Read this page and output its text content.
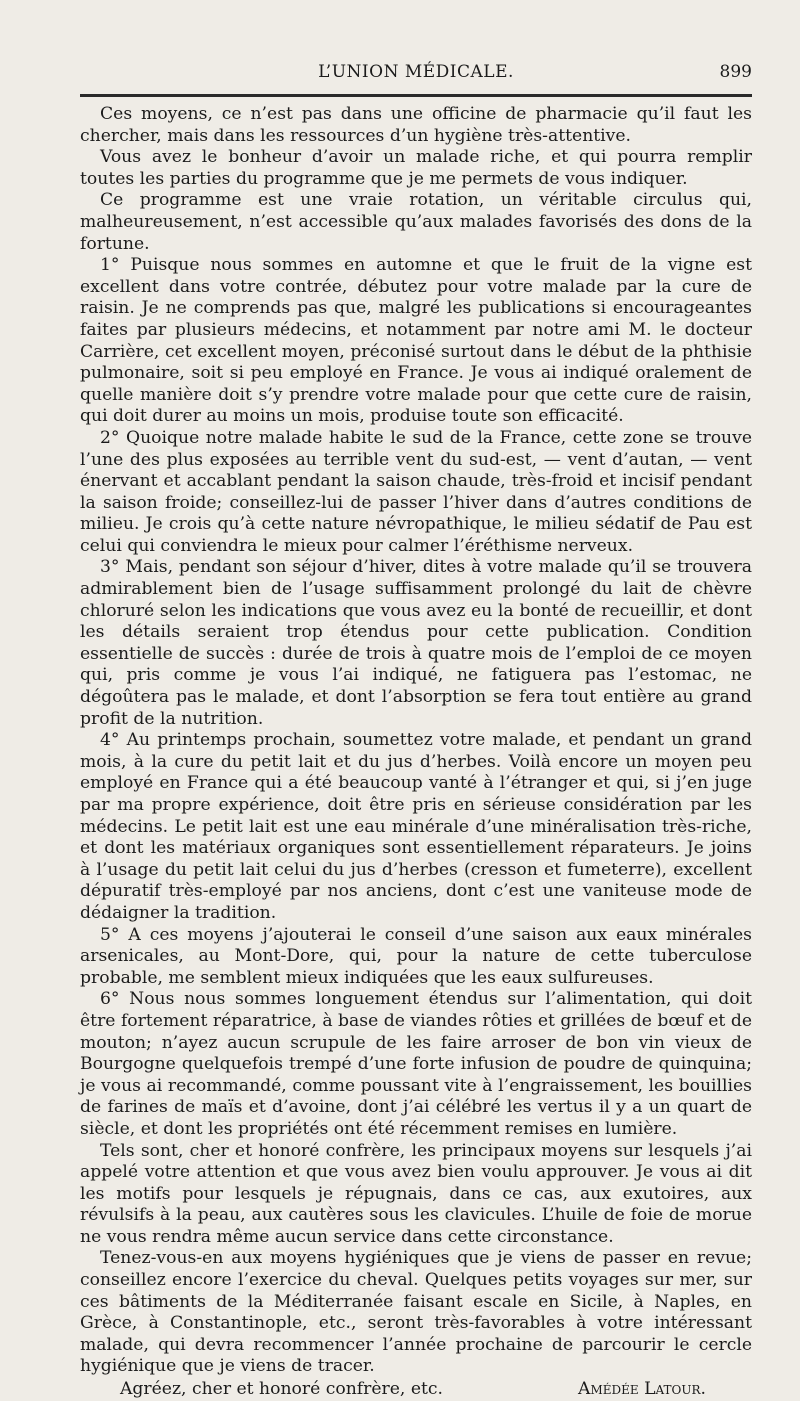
L’UNION MÉDICALE.	899

Ces moyens, ce n’est pas dans une officine de pharmacie qu’il faut les chercher, mais dans les ressources d’un hygiène très-attentive.

Vous avez le bonheur d’avoir un malade riche, et qui pourra remplir toutes les parties du programme que je me permets de vous indiquer.

Ce programme est une vraie rotation, un véritable circulus qui, malheureusement, n’est accessible qu’aux malades favorisés des dons de la fortune.

1° Puisque nous sommes en automne et que le fruit de la vigne est excellent dans votre contrée, débutez pour votre malade par la cure de raisin. Je ne comprends pas que, malgré les publications si encourageantes faites par plusieurs médecins, et notamment par notre ami M. le docteur Carrière, cet excellent moyen, préconisé surtout dans le début de la phthisie pulmonaire, soit si peu employé en France. Je vous ai indiqué oralement de quelle manière doit s’y prendre votre malade pour que cette cure de raisin, qui doit durer au moins un mois, produise toute son efficacité.

2° Quoique notre malade habite le sud de la France, cette zone se trouve l’une des plus exposées au terrible vent du sud-est, — vent d’autan, — vent énervant et accablant pendant la saison chaude, très-froid et incisif pendant la saison froide; conseillez-lui de passer l’hiver dans d’autres conditions de milieu. Je crois qu’à cette nature névropathique, le milieu sédatif de Pau est celui qui conviendra le mieux pour calmer l’éréthisme nerveux.

3° Mais, pendant son séjour d’hiver, dites à votre malade qu’il se trouvera admirablement bien de l’usage suffisamment prolongé du lait de chèvre chloruré selon les indications que vous avez eu la bonté de recueillir, et dont les détails seraient trop étendus pour cette publication. Condition essentielle de succès : durée de trois à quatre mois de l’emploi de ce moyen qui, pris comme je vous l’ai indiqué, ne fatiguera pas l’estomac, ne dégoûtera pas le malade, et dont l’absorption se fera tout entière au grand profit de la nutrition.

4° Au printemps prochain, soumettez votre malade, et pendant un grand mois, à la cure du petit lait et du jus d’herbes. Voilà encore un moyen peu employé en France qui a été beaucoup vanté à l’étranger et qui, si j’en juge par ma propre expérience, doit être pris en sérieuse considération par les médecins. Le petit lait est une eau minérale d’une minéralisation très-riche, et dont les matériaux organiques sont essentiellement réparateurs. Je joins à l’usage du petit lait celui du jus d’herbes (cresson et fumeterre), excellent dépuratif très-employé par nos anciens, dont c’est une vaniteuse mode de dédaigner la tradition.

5° A ces moyens j’ajouterai le conseil d’une saison aux eaux minérales arsenicales, au Mont-Dore, qui, pour la nature de cette tuberculose probable, me semblent mieux indiquées que les eaux sulfureuses.

6° Nous nous sommes longuement étendus sur l’alimentation, qui doit être fortement réparatrice, à base de viandes rôties et grillées de bœuf et de mouton; n’ayez aucun scrupule de les faire arroser de bon vin vieux de Bourgogne quelquefois trempé d’une forte infusion de poudre de quinquina; je vous ai recommandé, comme poussant vite à l’engraissement, les bouillies de farines de maïs et d’avoine, dont j’ai célébré les vertus il y a un quart de siècle, et dont les propriétés ont été récemment remises en lumière.

Tels sont, cher et honoré confrère, les principaux moyens sur lesquels j’ai appelé votre attention et que vous avez bien voulu approuver. Je vous ai dit les motifs pour lesquels je répugnais, dans ce cas, aux exutoires, aux révulsifs à la peau, aux cautères sous les clavicules. L’huile de foie de morue ne vous rendra même aucun service dans cette circonstance.

Tenez-vous-en aux moyens hygiéniques que je viens de passer en revue; conseillez encore l’exercice du cheval. Quelques petits voyages sur mer, sur ces bâtiments de la Méditerranée faisant escale en Sicile, à Naples, en Grèce, à Constantinople, etc., seront très-favorables à votre intéressant malade, qui devra recommencer l’année prochaine de parcourir le cercle hygiénique que je viens de tracer.

Agréez, cher et honoré confrère, etc.	Amédée Latour.
